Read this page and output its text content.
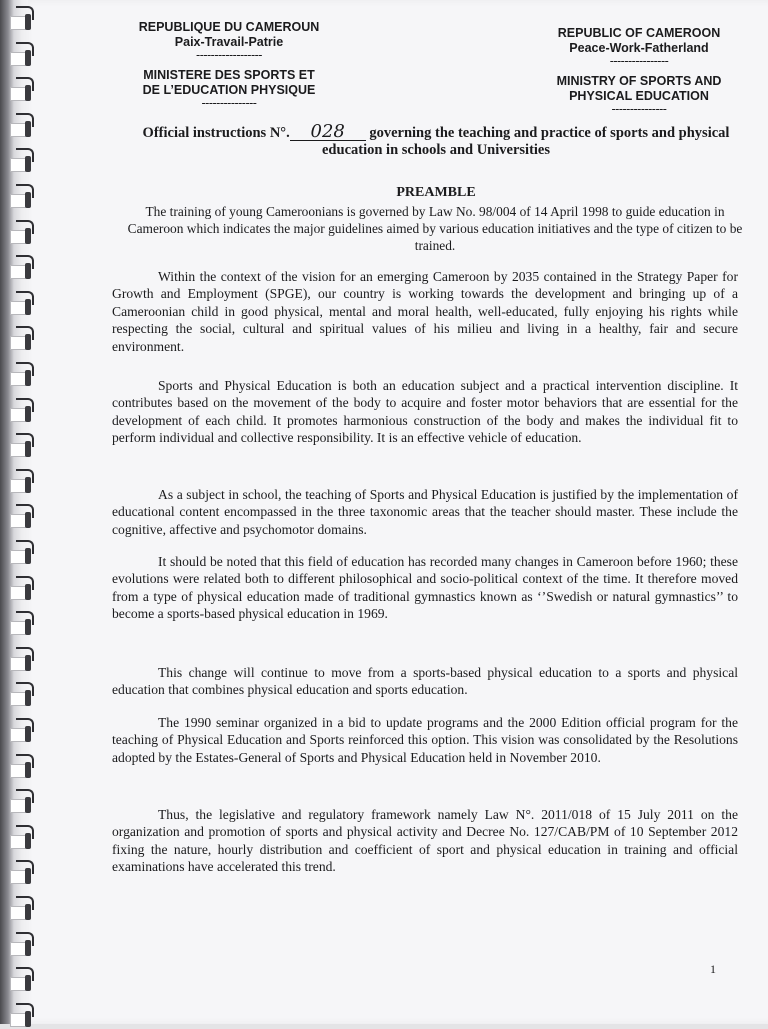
REPUBLIQUE DU CAMEROUN
Paix-Travail-Patrie
------------------
MINISTERE DES SPORTS ET
DE L’EDUCATION PHYSIQUE
---------------
REPUBLIC OF CAMEROON
Peace-Work-Fatherland
----------------
MINISTRY OF SPORTS AND
PHYSICAL EDUCATION
---------------
Official instructions N°. 028 governing the teaching and practice of sports and physical education in schools and Universities
PREAMBLE
The training of young Cameroonians is governed by Law No. 98/004 of 14 April 1998 to guide education in Cameroon which indicates the major guidelines aimed by various education initiatives and the type of citizen to be trained.
Within the context of the vision for an emerging Cameroon by 2035 contained in the Strategy Paper for Growth and Employment (SPGE), our country is working towards the development and bringing up of a Cameroonian child in good physical, mental and moral health, well-educated, fully enjoying his rights while respecting the social, cultural and spiritual values of his milieu and living in a healthy, fair and secure environment.
Sports and Physical Education is both an education subject and a practical intervention discipline. It contributes based on the movement of the body to acquire and foster motor behaviors that are essential for the development of each child. It promotes harmonious construction of the body and makes the individual fit to perform individual and collective responsibility. It is an effective vehicle of education.
As a subject in school, the teaching of Sports and Physical Education is justified by the implementation of educational content encompassed in the three taxonomic areas that the teacher should master. These include the cognitive, affective and psychomotor domains.
It should be noted that this field of education has recorded many changes in Cameroon before 1960; these evolutions were related both to different philosophical and socio-political context of the time. It therefore moved from a type of physical education made of traditional gymnastics known as ‘’Swedish or natural gymnastics’’ to become a sports-based physical education in 1969.
This change will continue to move from a sports-based physical education to a sports and physical education that combines physical education and sports education.
The 1990 seminar organized in a bid to update programs and the 2000 Edition official program for the teaching of Physical Education and Sports reinforced this option. This vision was consolidated by the Resolutions adopted by the Estates-General of Sports and Physical Education held in November 2010.
Thus, the legislative and regulatory framework namely Law N°. 2011/018 of 15 July 2011 on the organization and promotion of sports and physical activity and Decree No. 127/CAB/PM of 10 September 2012 fixing the nature, hourly distribution and coefficient of sport and physical education in training and official examinations have accelerated this trend.
1
